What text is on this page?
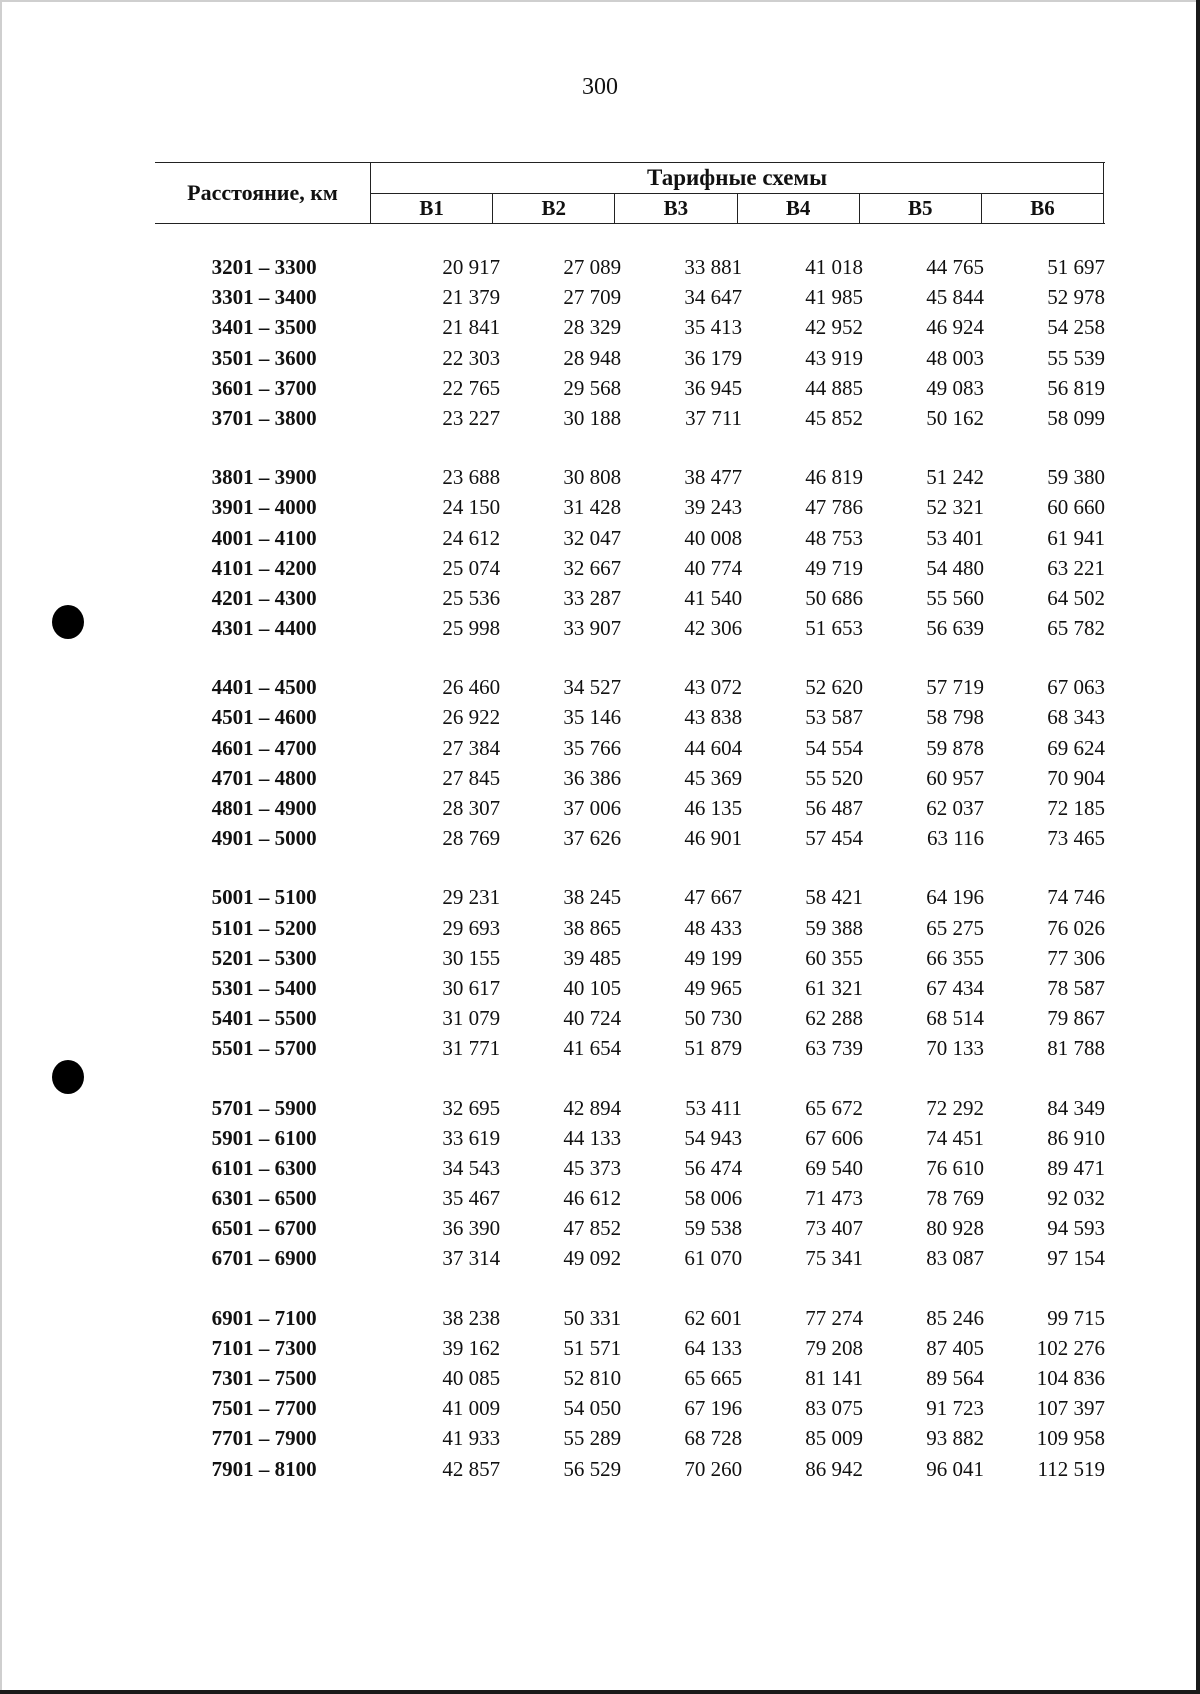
300
Расстояние, км
Тарифные схемы
В1	В2	В3	В4	В5	В6
3201 – 3300	20 917	27 089	33 881	41 018	44 765	51 697
3301 – 3400	21 379	27 709	34 647	41 985	45 844	52 978
3401 – 3500	21 841	28 329	35 413	42 952	46 924	54 258
3501 – 3600	22 303	28 948	36 179	43 919	48 003	55 539
3601 – 3700	22 765	29 568	36 945	44 885	49 083	56 819
3701 – 3800	23 227	30 188	37 711	45 852	50 162	58 099
3801 – 3900	23 688	30 808	38 477	46 819	51 242	59 380
3901 – 4000	24 150	31 428	39 243	47 786	52 321	60 660
4001 – 4100	24 612	32 047	40 008	48 753	53 401	61 941
4101 – 4200	25 074	32 667	40 774	49 719	54 480	63 221
4201 – 4300	25 536	33 287	41 540	50 686	55 560	64 502
4301 – 4400	25 998	33 907	42 306	51 653	56 639	65 782
4401 – 4500	26 460	34 527	43 072	52 620	57 719	67 063
4501 – 4600	26 922	35 146	43 838	53 587	58 798	68 343
4601 – 4700	27 384	35 766	44 604	54 554	59 878	69 624
4701 – 4800	27 845	36 386	45 369	55 520	60 957	70 904
4801 – 4900	28 307	37 006	46 135	56 487	62 037	72 185
4901 – 5000	28 769	37 626	46 901	57 454	63 116	73 465
5001 – 5100	29 231	38 245	47 667	58 421	64 196	74 746
5101 – 5200	29 693	38 865	48 433	59 388	65 275	76 026
5201 – 5300	30 155	39 485	49 199	60 355	66 355	77 306
5301 – 5400	30 617	40 105	49 965	61 321	67 434	78 587
5401 – 5500	31 079	40 724	50 730	62 288	68 514	79 867
5501 – 5700	31 771	41 654	51 879	63 739	70 133	81 788
5701 – 5900	32 695	42 894	53 411	65 672	72 292	84 349
5901 – 6100	33 619	44 133	54 943	67 606	74 451	86 910
6101 – 6300	34 543	45 373	56 474	69 540	76 610	89 471
6301 – 6500	35 467	46 612	58 006	71 473	78 769	92 032
6501 – 6700	36 390	47 852	59 538	73 407	80 928	94 593
6701 – 6900	37 314	49 092	61 070	75 341	83 087	97 154
6901 – 7100	38 238	50 331	62 601	77 274	85 246	99 715
7101 – 7300	39 162	51 571	64 133	79 208	87 405	102 276
7301 – 7500	40 085	52 810	65 665	81 141	89 564	104 836
7501 – 7700	41 009	54 050	67 196	83 075	91 723	107 397
7701 – 7900	41 933	55 289	68 728	85 009	93 882	109 958
7901 – 8100	42 857	56 529	70 260	86 942	96 041	112 519
